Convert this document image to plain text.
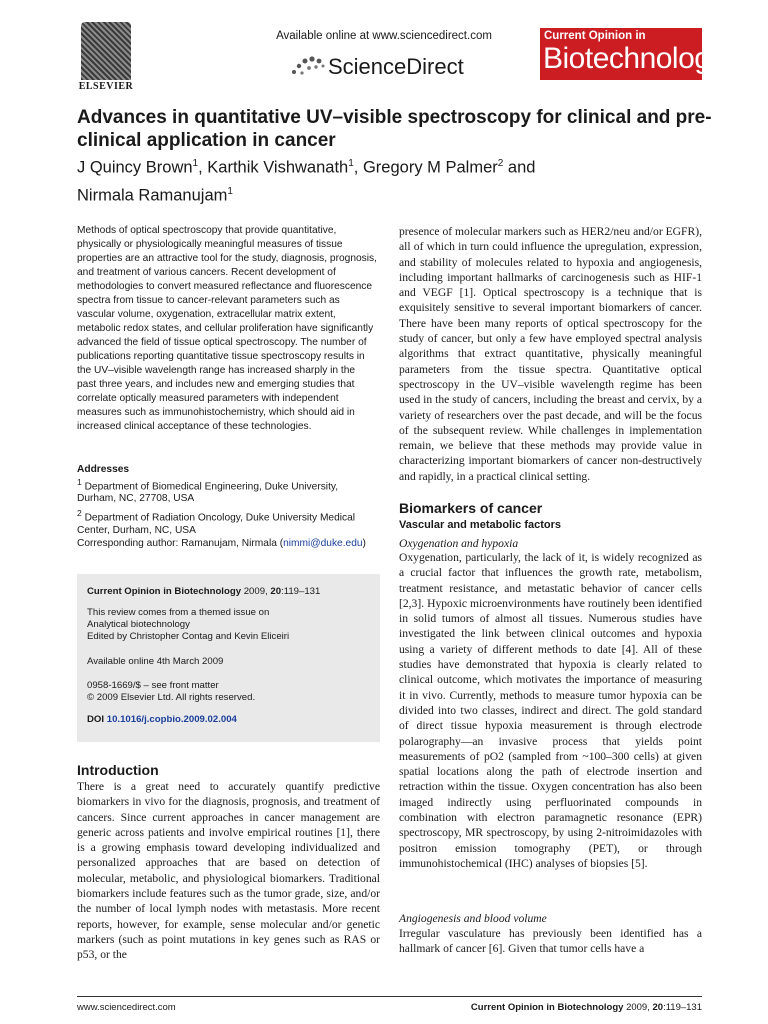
ELSEVIER
Available online at www.sciencedirect.com
ScienceDirect
Current Opinion in
Biotechnology
Advances in quantitative UV–visible spectroscopy for clinical and pre-clinical application in cancer
J Quincy Brown$^1$, Karthik Vishwanath$^1$, Gregory M Palmer$^2$ and
Nirmala Ramanujam$^1$
Methods of optical spectroscopy that provide quantitative, physically or physiologically meaningful measures of tissue properties are an attractive tool for the study, diagnosis, prognosis, and treatment of various cancers. Recent development of methodologies to convert measured reflectance and fluorescence spectra from tissue to cancer-relevant parameters such as vascular volume, oxygenation, extracellular matrix extent, metabolic redox states, and cellular proliferation have significantly advanced the field of tissue optical spectroscopy. The number of publications reporting quantitative tissue spectroscopy results in the UV–visible wavelength range has increased sharply in the past three years, and includes new and emerging studies that correlate optically measured parameters with independent measures such as immunohistochemistry, which should aid in increased clinical acceptance of these technologies.
Addresses

$^1$ Department of Biomedical Engineering, Duke University, Durham, NC, 27708, USA

$^2$ Department of Radiation Oncology, Duke University Medical Center, Durham, NC, USA

Corresponding author: Ramanujam, Nirmala (nimmi@duke.edu)
Current Opinion in Biotechnology 2009, 20:119–131
This review comes from a themed issue on
Analytical biotechnology
Edited by Christopher Contag and Kevin Eliceiri
Available online 4th March 2009
0958-1669/$ – see front matter
© 2009 Elsevier Ltd. All rights reserved.
DOI 10.1016/j.copbio.2009.02.004
Introduction
There is a great need to accurately quantify predictive biomarkers in vivo for the diagnosis, prognosis, and treatment of cancers. Since current approaches in cancer management are generic across patients and involve empirical routines [1], there is a growing emphasis toward developing individualized and personalized approaches that are based on detection of molecular, metabolic, and physiological biomarkers. Traditional biomarkers include features such as the tumor grade, size, and/or the number of local lymph nodes with metastasis. More recent reports, however, for example, sense molecular and/or genetic markers (such as point mutations in key genes such as RAS or p53, or the
presence of molecular markers such as HER2/neu and/or EGFR), all of which in turn could influence the upregulation, expression, and stability of molecules related to hypoxia and angiogenesis, including important hallmarks of carcinogenesis such as HIF-1 and VEGF [1]. Optical spectroscopy is a technique that is exquisitely sensitive to several important biomarkers of cancer. There have been many reports of optical spectroscopy for the study of cancer, but only a few have employed spectral analysis algorithms that extract quantitative, physically meaningful parameters from the tissue spectra. Quantitative optical spectroscopy in the UV–visible wavelength regime has been used in the study of cancers, including the breast and cervix, by a variety of researchers over the past decade, and will be the focus of the subsequent review. While challenges in implementation remain, we believe that these methods may provide value in characterizing important biomarkers of cancer non-destructively and rapidly, in a practical clinical setting.
Biomarkers of cancer
Vascular and metabolic factors
Oxygenation and hypoxia
Oxygenation, particularly, the lack of it, is widely recognized as a crucial factor that influences the growth rate, metabolism, treatment resistance, and metastatic behavior of cancer cells [2,3]. Hypoxic microenvironments have routinely been identified in solid tumors of almost all tissues. Numerous studies have investigated the link between clinical outcomes and hypoxia using a variety of different methods to date [4]. All of these studies have demonstrated that hypoxia is clearly related to clinical outcome, which motivates the importance of measuring it in vivo. Currently, methods to measure tumor hypoxia can be divided into two classes, indirect and direct. The gold standard of direct tissue hypoxia measurement is through electrode polarography—an invasive process that yields point measurements of pO2 (sampled from ~100–300 cells) at given spatial locations along the path of electrode insertion and retraction within the tissue. Oxygen concentration has also been imaged indirectly using perfluorinated compounds in combination with electron paramagnetic resonance (EPR) spectroscopy, MR spectroscopy, by using 2-nitroimidazoles with positron emission tomography (PET), or through immunohistochemical (IHC) analyses of biopsies [5].
Angiogenesis and blood volume
Irregular vasculature has previously been identified has a hallmark of cancer [6]. Given that tumor cells have a
www.sciencedirect.com	Current Opinion in Biotechnology 2009, 20:119–131
